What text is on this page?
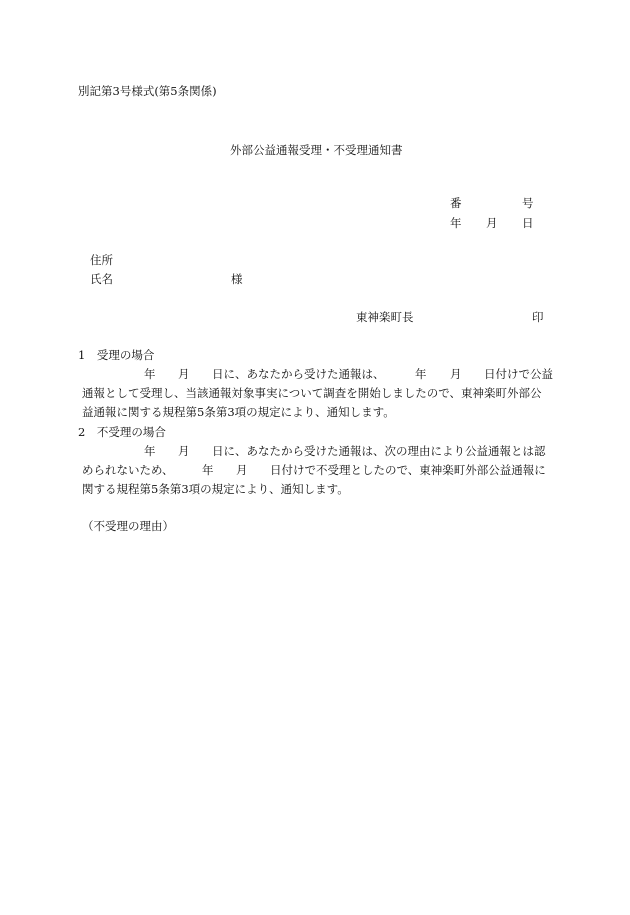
別記第3号様式(第5条関係)
外部公益通報受理・不受理通知書
番	号
年 月 日
住所
氏名	様
東神楽町長	印
1　受理の場合
年 月 日に、あなたから受けた通報は、	年 月 日付けで公益
通報として受理し、当該通報対象事実について調査を開始しましたので、東神楽町外部公
益通報に関する規程第5条第3項の規定により、通知します。
2　不受理の場合
年 月 日に、あなたから受けた通報は、次の理由により公益通報とは認
められないため、 年 月 日付けで不受理としたので、東神楽町外部公益通報に
関する規程第5条第3項の規定により、通知します。
（不受理の理由）
